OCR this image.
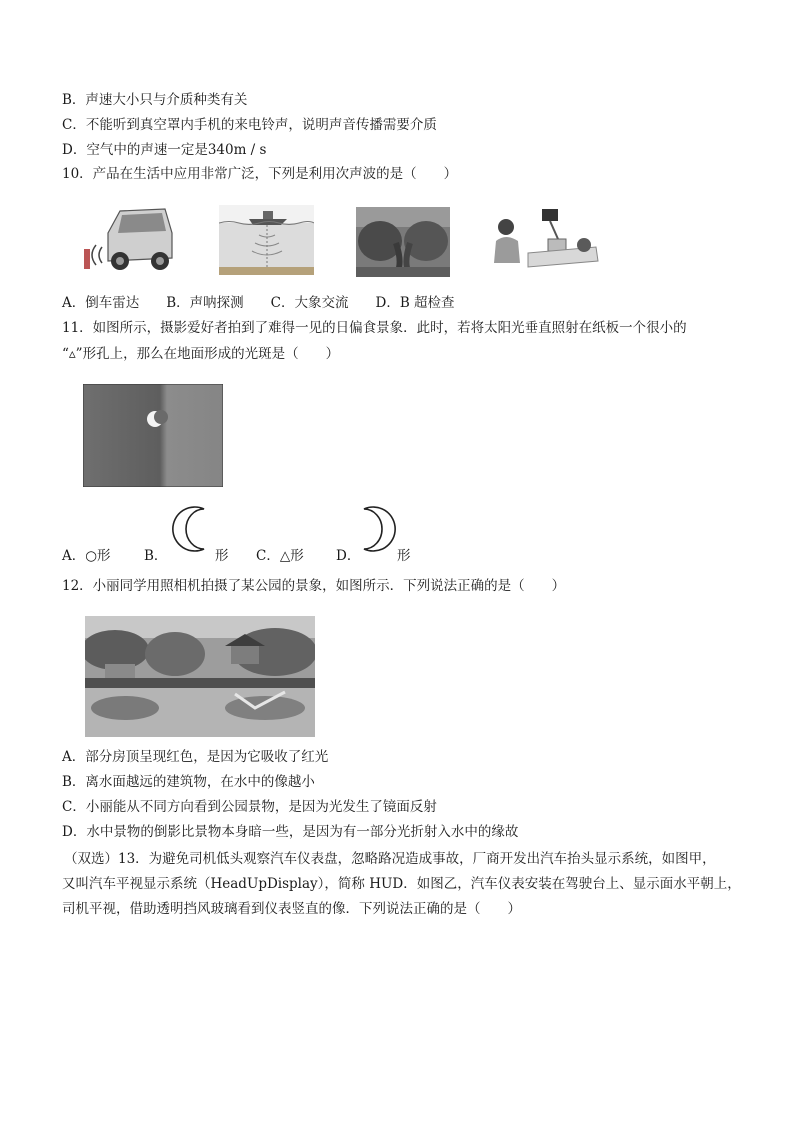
B．声速大小只与介质种类有关
C．不能听到真空罩内手机的来电铃声，说明声音传播需要介质
D．空气中的声速一定是340m / s
10．产品在生活中应用非常广泛，下列是利用次声波的是（　　）
A．倒车雷达　　B．声呐探测　　C．大象交流　　D．B 超检查
11．如图所示，摄影爱好者拍到了难得一见的日偏食景象．此时，若将太阳光垂直照射在纸板一个很小的
“▵”形孔上，那么在地面形成的光斑是（　　）
A．○形 B．	形 C．△形 D．	形
12．小丽同学用照相机拍摄了某公园的景象，如图所示．下列说法正确的是（　　）
A．部分房顶呈现红色，是因为它吸收了红光
B．离水面越远的建筑物，在水中的像越小
C．小丽能从不同方向看到公园景物，是因为光发生了镜面反射
D．水中景物的倒影比景物本身暗一些，是因为有一部分光折射入水中的缘故
（双选）13．为避免司机低头观察汽车仪表盘，忽略路况造成事故，厂商开发出汽车抬头显示系统，如图甲，
又叫汽车平视显示系统（HeadUpDisplay），简称 HUD．如图乙，汽车仪表安装在驾驶台上、显示面水平朝上，
司机平视，借助透明挡风玻璃看到仪表竖直的像．下列说法正确的是（　　）
